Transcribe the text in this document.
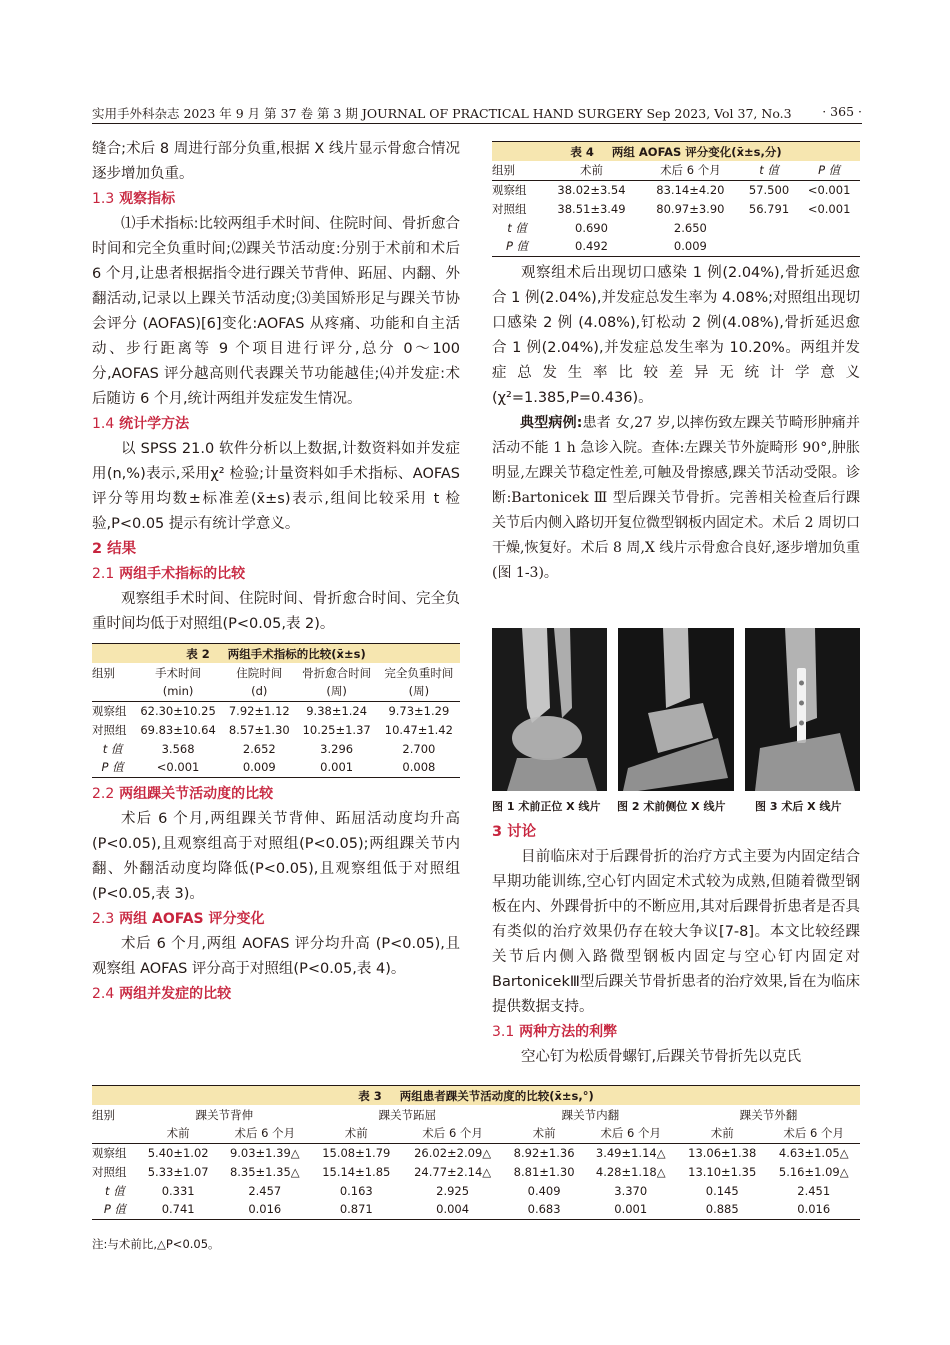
实用手外科杂志 2023 年 9 月 第 37 卷 第 3 期 JOURNAL OF PRACTICAL HAND SURGERY Sep 2023, Vol 37, No.3 · 365 ·

缝合;术后 8 周进行部分负重,根据 X 线片显示骨愈合情况逐步增加负重。

1.3 观察指标

⑴手术指标:比较两组手术时间、住院时间、骨折愈合时间和完全负重时间;⑵踝关节活动度:分别于术前和术后 6 个月,让患者根据指令进行踝关节背伸、跖屈、内翻、外翻活动,记录以上踝关节活动度;⑶美国矫形足与踝关节协会评分 (AOFAS)[6]变化:AOFAS 从疼痛、功能和自主活动、步行距离等 9 个项目进行评分,总分 0～100 分,AOFAS 评分越高则代表踝关节功能越佳;⑷并发症:术后随访 6 个月,统计两组并发症发生情况。

1.4 统计学方法

以 SPSS 21.0 软件分析以上数据,计数资料如并发症用(n,%)表示,采用χ² 检验;计量资料如手术指标、AOFAS 评分等用均数±标准差(x̄±s)表示,组间比较采用 t 检验,P<0.05 提示有统计学意义。

2 结果
2.1 两组手术指标的比较

观察组手术时间、住院时间、骨折愈合时间、完全负重时间均低于对照组(P<0.05,表 2)。

表 2 两组手术指标的比较(x̄±s)
组别	手术时间	住院时间	骨折愈合时间	完全负重时间
	(min)	(d)	(周)	(周)
观察组	62.30±10.25	7.92±1.12	9.38±1.24	9.73±1.29
对照组	69.83±10.64	8.57±1.30	10.25±1.37	10.47±1.42
t 值	3.568	2.652	3.296	2.700
P 值	<0.001	0.009	0.001	0.008
2.2 两组踝关节活动度的比较

术后 6 个月,两组踝关节背伸、跖屈活动度均升高(P<0.05),且观察组高于对照组(P<0.05);两组踝关节内翻、外翻活动度均降低(P<0.05),且观察组低于对照组(P<0.05,表 3)。

2.3 两组 AOFAS 评分变化

术后 6 个月,两组 AOFAS 评分均升高 (P<0.05),且观察组 AOFAS 评分高于对照组(P<0.05,表 4)。

2.4 两组并发症的比较
表 4 两组 AOFAS 评分变化(x̄±s,分)
组别	术前	术后 6 个月	t 值	P 值
观察组	38.02±3.54	83.14±4.20	57.500	<0.001
对照组	38.51±3.49	80.97±3.90	56.791	<0.001
t 值	0.690	2.650		
P 值	0.492	0.009		

观察组术后出现切口感染 1 例(2.04%),骨折延迟愈合 1 例(2.04%),并发症总发生率为 4.08%;对照组出现切口感染 2 例 (4.08%),钉松动 2 例(4.08%),骨折延迟愈合 1 例(2.04%),并发症总发生率为 10.20%。两组并发症总发生率比较差异无统计学意义(χ²=1.385,P=0.436)。

典型病例:患者 女,27 岁,以摔伤致左踝关节畸形肿痛并活动不能 1 h 急诊入院。查体:左踝关节外旋畸形 90°,肿胀明显,左踝关节稳定性差,可触及骨擦感,踝关节活动受限。诊断:Bartonicek Ⅲ 型后踝关节骨折。完善相关检查后行踝关节后内侧入路切开复位微型钢板内固定术。术后 2 周切口干燥,恢复好。术后 8 周,X 线片示骨愈合良好,逐步增加负重(图 1-3)。

图 1 术前正位 X 线片 图 2 术前侧位 X 线片	图 3 术后 X 线片
3 讨论

目前临床对于后踝骨折的治疗方式主要为内固定结合早期功能训练,空心钉内固定术式较为成熟,但随着微型钢板在内、外踝骨折中的不断应用,其对后踝骨折患者是否具有类似的治疗效果仍存在较大争议[7-8]。本文比较经踝关节后内侧入路微型钢板内固定与空心钉内固定对 BartonicekⅢ型后踝关节骨折患者的治疗效果,旨在为临床提供数据支持。

3.1 两种方法的利弊

空心钉为松质骨螺钉,后踝关节骨折先以克氏

表 3 两组患者踝关节活动度的比较(x̄±s,°)
组别	踝关节背伸		踝关节跖屈		踝关节内翻		踝关节外翻	
	术前	术后 6 个月	术前	术后 6 个月	术前	术后 6 个月	术前	术后 6 个月
观察组	5.40±1.02	9.03±1.39△	15.08±1.79	26.02±2.09△	8.92±1.36	3.49±1.14△	13.06±1.38	4.63±1.05△
对照组	5.33±1.07	8.35±1.35△	15.14±1.85	24.77±2.14△	8.81±1.30	4.28±1.18△	13.10±1.35	5.16±1.09△
t 值	0.331	2.457	0.163	2.925	0.409	3.370	0.145	2.451
P 值	0.741	0.016	0.871	0.004	0.683	0.001	0.885	0.016
注:与术前比,△P<0.05。
